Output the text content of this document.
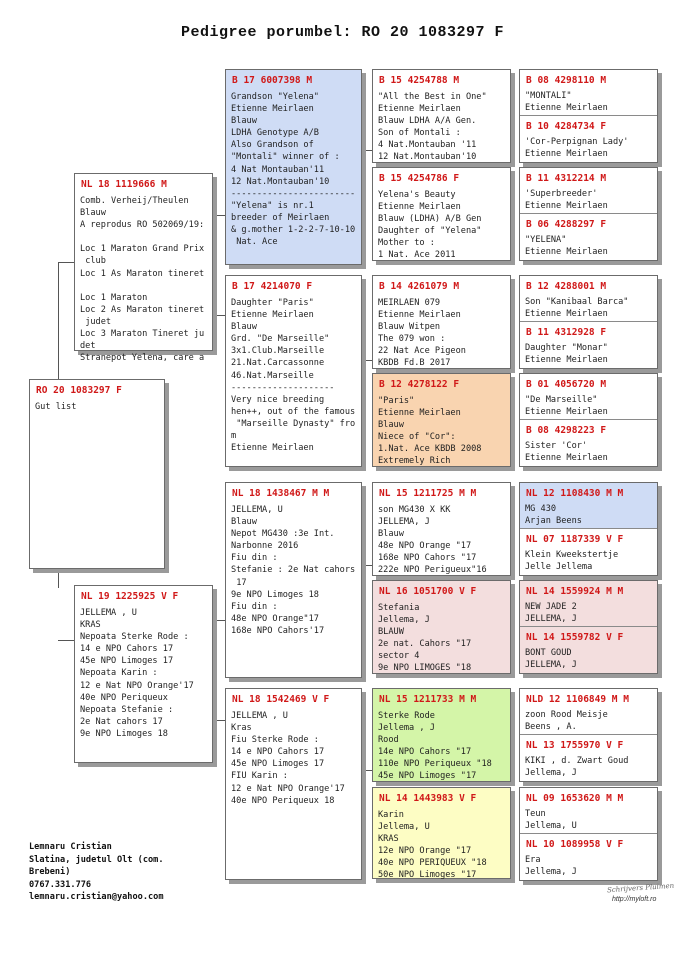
Pedigree porumbel: RO 20 1083297 F
RO 20 1083297 F
Gut list
NL 18 1119666 M
Comb. Verheij/Theulen
Blauw
A reprodus RO 502069/19:

Loc 1 Maraton Grand Prix
club
Loc 1 As Maraton tineret

Loc 1 Maraton
Loc 2 As Maraton tineret
judet
Loc 3 Maraton Tineret ju
det
Stranepot Yelena, care a
NL 19 1225925 V F
JELLEMA , U
KRAS
Nepoata Sterke Rode :
14 e NPO Cahors 17
45e NPO Limoges 17
Nepoata Karin :
12 e Nat NPO Orange'17
40e NPO Periqueux
Nepoata Stefanie :
2e Nat cahors 17
9e NPO Limoges 18
B 17 6007398 M
Grandson "Yelena"
Etienne Meirlaen
Blauw
LDHA Genotype A/B
Also Grandson of
"Montali" winner of :
4 Nat Montauban'11
12 Nat.Montauban'10
------------------------
"Yelena" is nr.1
breeder of Meirlaen
& g.mother 1-2-2-7-10-10
Nat. Ace
B 17 4214070 F
Daughter "Paris"
Etienne Meirlaen
Blauw
Grd. "De Marseille"
3x1.Club.Marseille
21.Nat.Carcassonne
46.Nat.Marseille
--------------------
Very nice breeding
hen++, out of the famous
"Marseille Dynasty" fro
m
Etienne Meirlaen
NL 18 1438467 M M
JELLEMA, U
Blauw
Nepot MG430 :3e Int.
Narbonne 2016
Fiu din :
Stefanie : 2e Nat cahors
17
9e NPO Limoges 18
Fiu din :
48e NPO Orange"17
168e NPO Cahors'17
NL 18 1542469 V F
JELLEMA , U
Kras
Fiu Sterke Rode :
14 e NPO Cahors 17
45e NPO Limoges 17
FIU Karin :
12 e Nat NPO Orange'17
40e NPO Periqueux 18
B 15 4254788 M
"All the Best in One"
Etienne Meirlaen
Blauw LDHA A/A Gen.
Son of Montali :
4 Nat.Montauban '11
12 Nat.Montauban'10
B 15 4254786 F
Yelena's Beauty
Etienne Meirlaen
Blauw (LDHA) A/B Gen
Daughter of "Yelena"
Mother to :
1 Nat. Ace 2011
B 14 4261079 M
MEIRLAEN 079
Etienne Meirlaen
Blauw Witpen
The 079 won :
22 Nat Ace Pigeon
KBDB Fd.B 2017
B 12 4278122 F
"Paris"
Etienne Meirlaen
Blauw
Niece of "Cor":
1.Nat. Ace KBDB 2008
Extremely Rich
NL 15 1211725 M M
son MG430 X KK
JELLEMA, J
Blauw
48e NPO Orange "17
168e NPO Cahors "17
222e NPO Perigueux"16
NL 16 1051700 V F
Stefania
Jellema, J
BLAUW
2e nat. Cahors "17
sector 4
9e NPO LIMOGES "18
NL 15 1211733 M M
Sterke Rode
Jellema , J
Rood
14e NPO Cahors "17
110e NPO Periqueux "18
45e NPO Limoges "17
NL 14 1443983 V F
Karin
Jellema, U
KRAS
12e NPO Orange "17
40e NPO PERIQUEUX "18
50e NPO Limoges "17
B 08 4298110 M
"MONTALI"
Etienne Meirlaen
B 10 4284734 F
'Cor-Perpignan Lady'
Etienne Meirlaen
B 11 4312214 M
'Superbreeder'
Etienne Meirlaen
B 06 4288297 F
"YELENA"
Etienne Meirlaen
B 12 4288001 M
Son "Kanibaal Barca"
Etienne Meirlaen
B 11 4312928 F
Daughter "Monar"
Etienne Meirlaen
B 01 4056720 M
"De Marseille"
Etienne Meirlaen
B 08 4298223 F
Sister 'Cor'
Etienne Meirlaen
NL 12 1108430 M M
MG 430
Arjan Beens
NL 07 1187339 V F
Klein Kweekstertje
Jelle Jellema
NL 14 1559924 M M
NEW JADE 2
JELLEMA, J
NL 14 1559782 V F
BONT GOUD
JELLEMA, J
NLD 12 1106849 M M
zoon Rood Meisje
Beens , A.
NL 13 1755970 V F
KIKI , d. Zwart Goud
Jellema, J
NL 09 1653620 M M
Teun
Jellema, U
NL 10 1089958 V F
Era
Jellema, J
Lemnaru Cristian
Slatina, judetul Olt (com.
Brebeni)
0767.331.776
lemnaru.cristian@yahoo.com
Schrijvers Pluimen
http://myloft.ro
